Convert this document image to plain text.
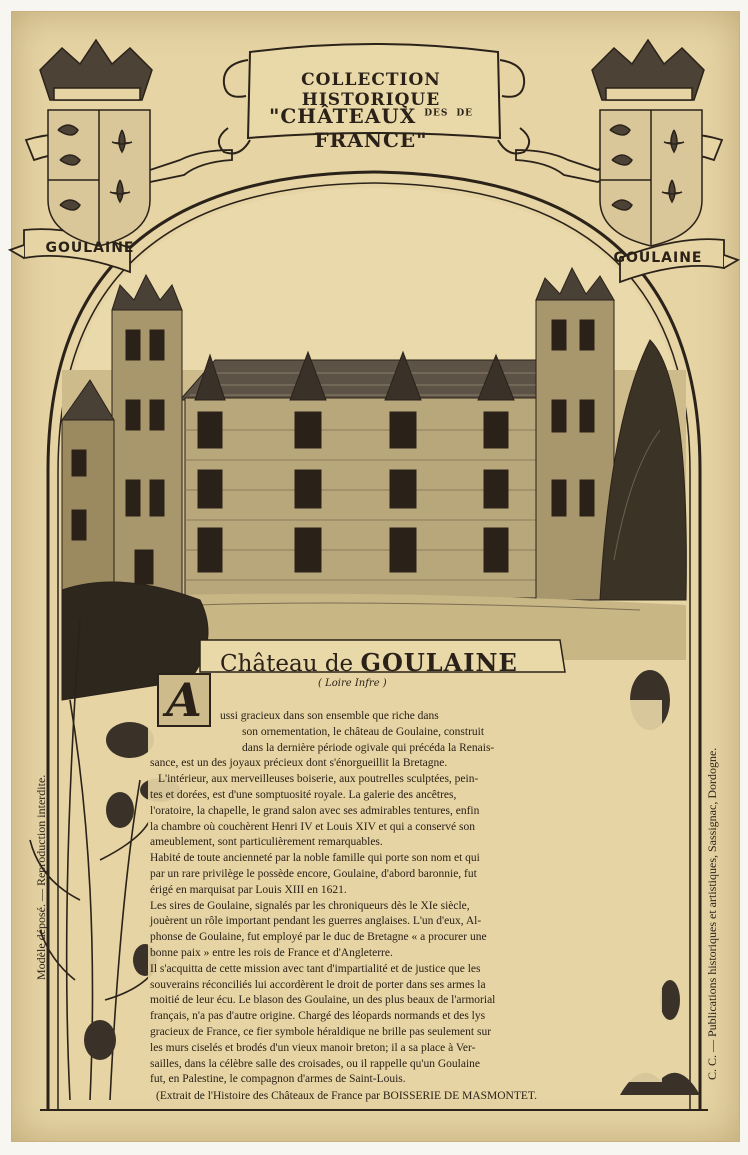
COLLECTION HISTORIQUE
"CHÂTEAUX $^{DES}$ $^{DE}$ FRANCE"
GOULAINE
GOULAINE
Château de GOULAINE
( Loire Infre )
A	ussi gracieux dans son ensemble que riche dans
son ornementation, le château de Goulaine, construit
dans la dernière période ogivale qui précéda la Renais-
sance, est un des joyaux précieux dont s'énorgueillit la Bretagne.
L'intérieur, aux merveilleuses boiserie, aux poutrelles sculptées, pein-
tes et dorées, est d'une somptuosité royale. La galerie des ancêtres,
l'oratoire, la chapelle, le grand salon avec ses admirables tentures, enfin
la chambre où couchèrent Henri IV et Louis XIV et qui a conservé son
ameublement, sont particulièrement remarquables.
Habité de toute ancienneté par la noble famille qui porte son nom et qui
par un rare privilège le possède encore, Goulaine, d'abord baronnie, fut
érigé en marquisat par Louis XIII en 1621.
Les sires de Goulaine, signalés par les chroniqueurs dès le XIe siècle,
jouèrent un rôle important pendant les guerres anglaises. L'un d'eux, Al-
phonse de Goulaine, fut employé par le duc de Bretagne « a procurer une
bonne paix » entre les rois de France et d'Angleterre.
Il s'acquitta de cette mission avec tant d'impartialité et de justice que les
souverains réconciliés lui accordèrent le droit de porter dans ses armes la
moitié de leur écu. Le blason des Goulaine, un des plus beaux de l'armorial
français, n'a pas d'autre origine. Chargé des léopards normands et des lys
gracieux de France, ce fier symbole héraldique ne brille pas seulement sur
les murs ciselés et brodés d'un vieux manoir breton; il a sa place à Ver-
sailles, dans la célèbre salle des croisades, ou il rappelle qu'un Goulaine
fut, en Palestine, le compagnon d'armes de Saint-Louis.
(Extrait de l'Histoire des Châteaux de France par BOISSERIE DE MASMONTET.
Modèle déposé. — Reproduction interdite.	C. C. — Publications historiques et artistiques, Sassignac, Dordogne.
